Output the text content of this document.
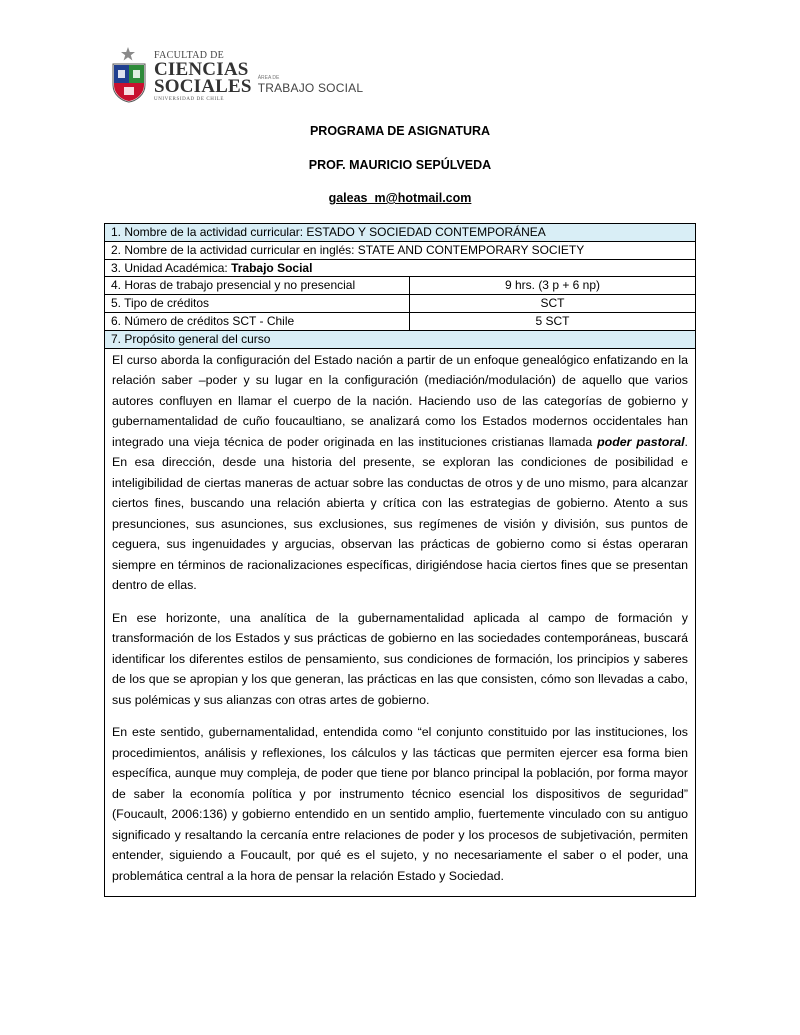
FACULTAD DE
CIENCIAS
SOCIALES
UNIVERSIDAD DE CHILE
ÁREA DE
TRABAJO SOCIAL
PROGRAMA DE ASIGNATURA
PROF. MAURICIO SEPÚLVEDA
galeas_m@hotmail.com
1. Nombre de la actividad curricular: ESTADO Y SOCIEDAD CONTEMPORÁNEA
2. Nombre de la actividad curricular en inglés: STATE AND CONTEMPORARY SOCIETY
3. Unidad Académica: Trabajo Social
4. Horas de trabajo presencial y no presencial	9 hrs. (3 p + 6 np)
5. Tipo de créditos	SCT
6. Número de créditos SCT - Chile	5 SCT
7. Propósito general del curso

El curso aborda la configuración del Estado nación a partir de un enfoque genealógico enfatizando en la relación saber –poder y su lugar en la configuración (mediación/modulación) de aquello que varios autores confluyen en llamar el cuerpo de la nación. Haciendo uso de las categorías de gobierno y gubernamentalidad de cuño foucaultiano, se analizará como los Estados modernos occidentales han integrado una vieja técnica de poder originada en las instituciones cristianas llamada poder pastoral. En esa dirección, desde una historia del presente, se exploran las condiciones de posibilidad e inteligibilidad de ciertas maneras de actuar sobre las conductas de otros y de uno mismo, para alcanzar ciertos fines, buscando una relación abierta y crítica con las estrategias de gobierno. Atento a sus presunciones, sus asunciones, sus exclusiones, sus regímenes de visión y división, sus puntos de ceguera, sus ingenuidades y argucias, observan las prácticas de gobierno como si éstas operaran siempre en términos de racionalizaciones específicas, dirigiéndose hacia ciertos fines que se presentan dentro de ellas.

En ese horizonte, una analítica de la gubernamentalidad aplicada al campo de formación y transformación de los Estados y sus prácticas de gobierno en las sociedades contemporáneas, buscará identificar los diferentes estilos de pensamiento, sus condiciones de formación, los principios y saberes de los que se apropian y los que generan, las prácticas en las que consisten, cómo son llevadas a cabo, sus polémicas y sus alianzas con otras artes de gobierno.

En este sentido, gubernamentalidad, entendida como “el conjunto constituido por las instituciones, los procedimientos, análisis y reflexiones, los cálculos y las tácticas que permiten ejercer esa forma bien específica, aunque muy compleja, de poder que tiene por blanco principal la población, por forma mayor de saber la economía política y por instrumento técnico esencial los dispositivos de seguridad” (Foucault, 2006:136) y gobierno entendido en un sentido amplio, fuertemente vinculado con su antiguo significado y resaltando la cercanía entre relaciones de poder y los procesos de subjetivación, permiten entender, siguiendo a Foucault, por qué es el sujeto, y no necesariamente el saber o el poder, una problemática central a la hora de pensar la relación Estado y Sociedad.
